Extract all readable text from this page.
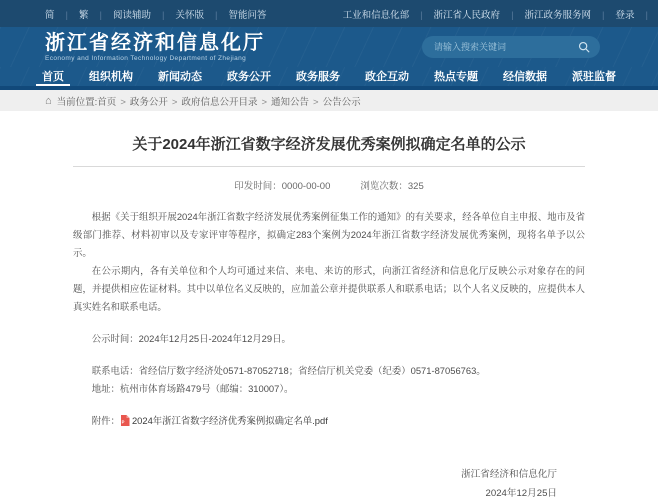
简 |	繁 |	阅读辅助 |	关怀版 |	智能问答	工业和信息化部 |	浙江省人民政府 |	浙江政务服务网 |	登录 |
浙江省经济和信息化厅
Economy and Information Technology Department of Zhejiang
请输入搜索关键词
首页	组织机构	新闻动态	政务公开	政务服务	政企互动	热点专题	经信数据	派驻监督
⌂ 当前位置: 首页 >	政务公开 >	政府信息公开目录 >	通知公告 >	公告公示
关于2024年浙江省数字经济发展优秀案例拟确定名单的公示
印发时间：0000-00-00	浏览次数：325

根据《关于组织开展2024年浙江省数字经济发展优秀案例征集工作的通知》的有关要求，经各单位自主申报、地市及省级部门推荐、材料初审以及专家评审等程序，拟确定283个案例为2024年浙江省数字经济发展优秀案例，现将名单予以公示。

在公示期内，各有关单位和个人均可通过来信、来电、来访的形式，向浙江省经济和信息化厅反映公示对象存在的问题，并提供相应佐证材料。其中以单位名义反映的，应加盖公章并提供联系人和联系电话；以个人名义反映的，应提供本人真实姓名和联系电话。

公示时间：2024年12月25日-2024年12月29日。

联系电话：省经信厅数字经济处0571-87052718；省经信厅机关党委（纪委）0571-87056763。

地址：杭州市体育场路479号（邮编：310007）。

附件： P 2024年浙江省数字经济优秀案例拟确定名单.pdf
浙江省经济和信息化厅
2024年12月25日
